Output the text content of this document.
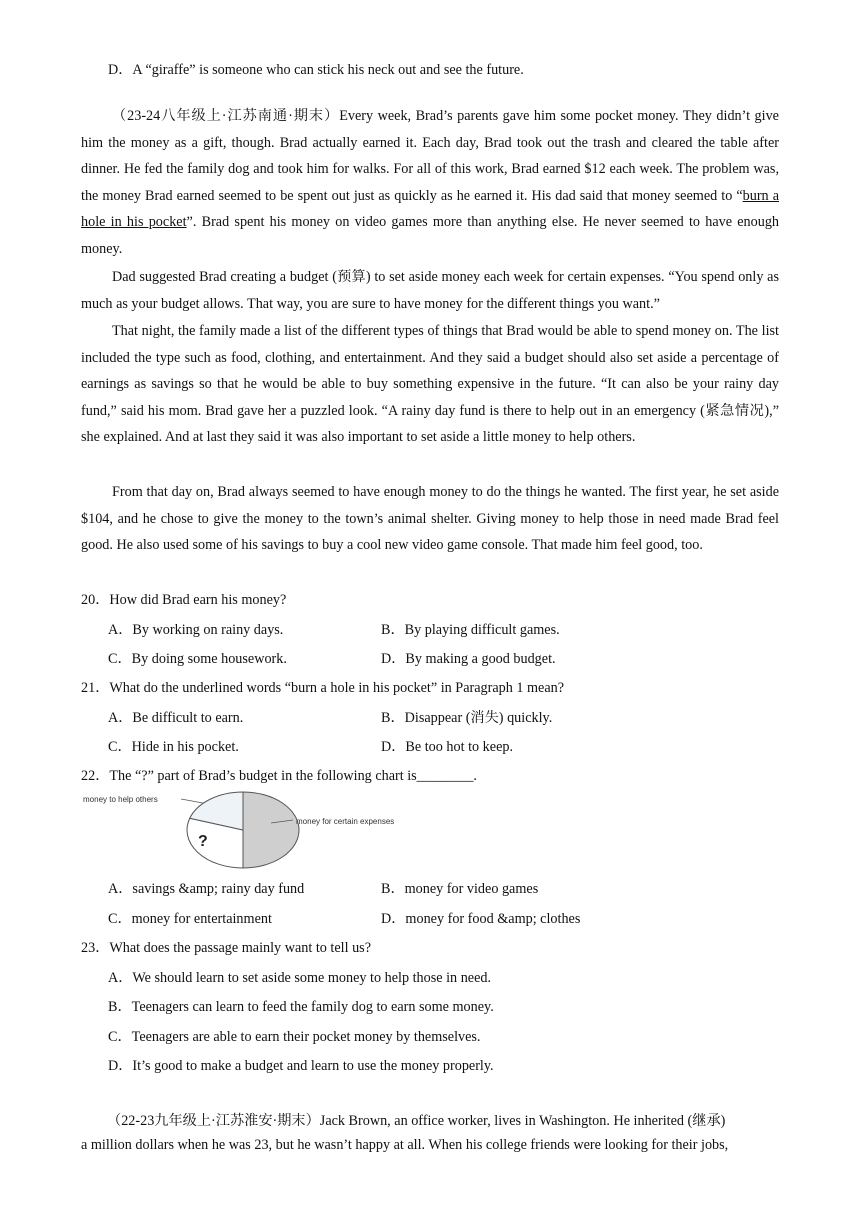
D．A “giraffe” is someone who can stick his neck out and see the future.
（23-24八年级上·江苏南通·期末）Every week, Brad’s parents gave him some pocket money. They didn’t give him the money as a gift, though. Brad actually earned it. Each day, Brad took out the trash and cleared the table after dinner. He fed the family dog and took him for walks. For all of this work, Brad earned $12 each week. The problem was, the money Brad earned seemed to be spent out just as quickly as he earned it. His dad said that money seemed to “burn a hole in his pocket”. Brad spent his money on video games more than anything else. He never seemed to have enough money.
Dad suggested Brad creating a budget (预算) to set aside money each week for certain expenses. “You spend only as much as your budget allows. That way, you are sure to have money for the different things you want.”
That night, the family made a list of the different types of things that Brad would be able to spend money on. The list included the type such as food, clothing, and entertainment. And they said a budget should also set aside a percentage of earnings as savings so that he would be able to buy something expensive in the future. “It can also be your rainy day fund,” said his mom. Brad gave her a puzzled look. “A rainy day fund is there to help out in an emergency (紧急情况),” she explained. And at last they said it was also important to set aside a little money to help others.
From that day on, Brad always seemed to have enough money to do the things he wanted. The first year, he set aside $104, and he chose to give the money to the town’s animal shelter. Giving money to help those in need made Brad feel good. He also used some of his savings to buy a cool new video game console. That made him feel good, too.
20．How did Brad earn his money?
A．By working on rainy days.	B．By playing difficult games.
C．By doing some housework.	D．By making a good budget.
21．What do the underlined words “burn a hole in his pocket” in Paragraph 1 mean?
A．Be difficult to earn.	B．Disappear (消失) quickly.
C．Hide in his pocket.	D．Be too hot to keep.
22．The “?” part of Brad’s budget in the following chart is________.
money to help others
?
money for certain expenses
A．savings &amp; rainy day fund	B．money for video games
C．money for entertainment	D．money for food &amp; clothes
23．What does the passage mainly want to tell us?
A．We should learn to set aside some money to help those in need.
B．Teenagers can learn to feed the family dog to earn some money.
C．Teenagers are able to earn their pocket money by themselves.
D．It’s good to make a budget and learn to use the money properly.
（22-23九年级上·江苏淮安·期末）Jack Brown, an office worker, lives in Washington. He inherited (继承)
a million dollars when he was 23, but he wasn’t happy at all. When his college friends were looking for their jobs,
